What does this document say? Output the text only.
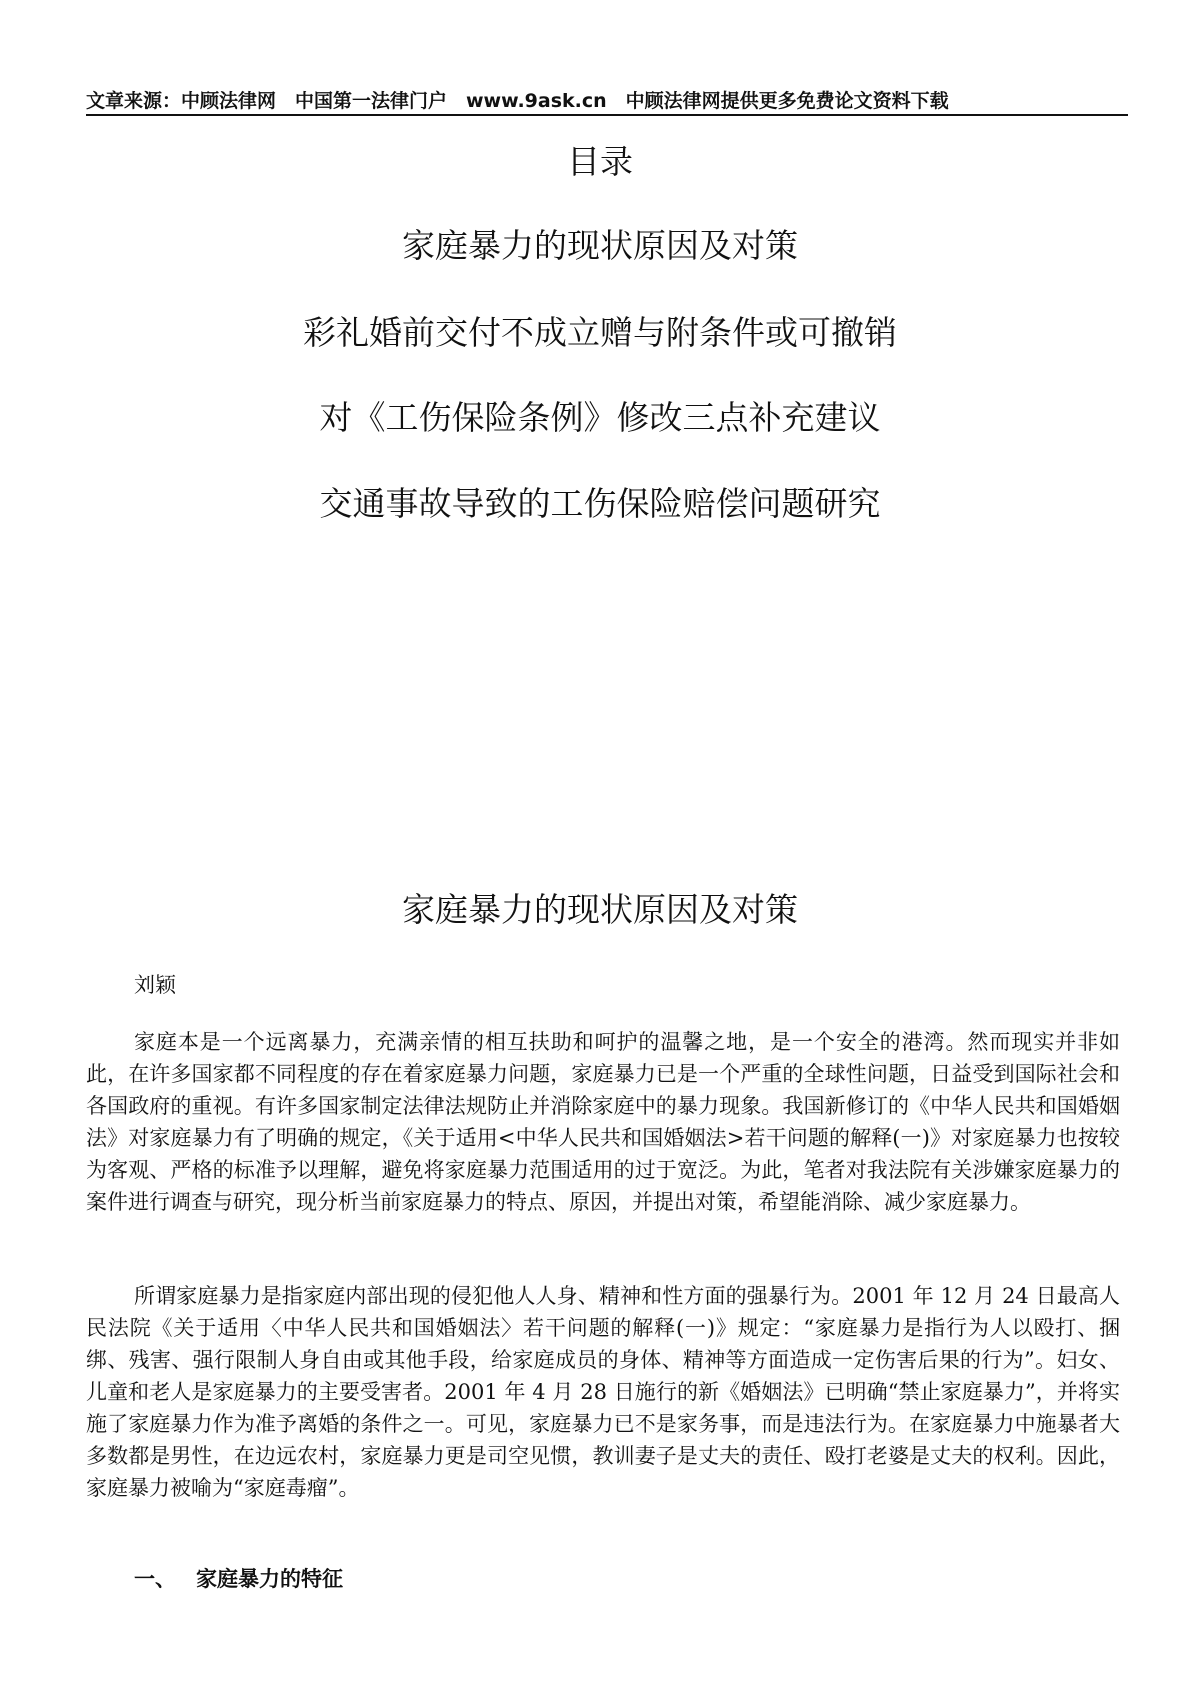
文章来源：中顾法律网　中国第一法律门户　www.9ask.cn　中顾法律网提供更多免费论文资料下载
目录
家庭暴力的现状原因及对策
彩礼婚前交付不成立赠与附条件或可撤销
对《工伤保险条例》修改三点补充建议
交通事故导致的工伤保险赔偿问题研究
家庭暴力的现状原因及对策
刘颖

家庭本是一个远离暴力，充满亲情的相互扶助和呵护的温馨之地，是一个安全的港湾。然而现实并非如此，在许多国家都不同程度的存在着家庭暴力问题，家庭暴力已是一个严重的全球性问题，日益受到国际社会和各国政府的重视。有许多国家制定法律法规防止并消除家庭中的暴力现象。我国新修订的《中华人民共和国婚姻法》对家庭暴力有了明确的规定，《关于适用<中华人民共和国婚姻法>若干问题的解释(一)》对家庭暴力也按较为客观、严格的标准予以理解，避免将家庭暴力范围适用的过于宽泛。为此，笔者对我法院有关涉嫌家庭暴力的案件进行调查与研究，现分析当前家庭暴力的特点、原因，并提出对策，希望能消除、减少家庭暴力。

所谓家庭暴力是指家庭内部出现的侵犯他人人身、精神和性方面的强暴行为。2001 年 12 月 24 日最高人民法院《关于适用〈中华人民共和国婚姻法〉若干问题的解释(一)》规定：“家庭暴力是指行为人以殴打、捆绑、残害、强行限制人身自由或其他手段，给家庭成员的身体、精神等方面造成一定伤害后果的行为”。妇女、儿童和老人是家庭暴力的主要受害者。2001 年 4 月 28 日施行的新《婚姻法》已明确“禁止家庭暴力”，并将实施了家庭暴力作为准予离婚的条件之一。可见，家庭暴力已不是家务事，而是违法行为。在家庭暴力中施暴者大多数都是男性，在边远农村，家庭暴力更是司空见惯，教训妻子是丈夫的责任、殴打老婆是丈夫的权利。因此，家庭暴力被喻为“家庭毒瘤”。

一、 家庭暴力的特征
